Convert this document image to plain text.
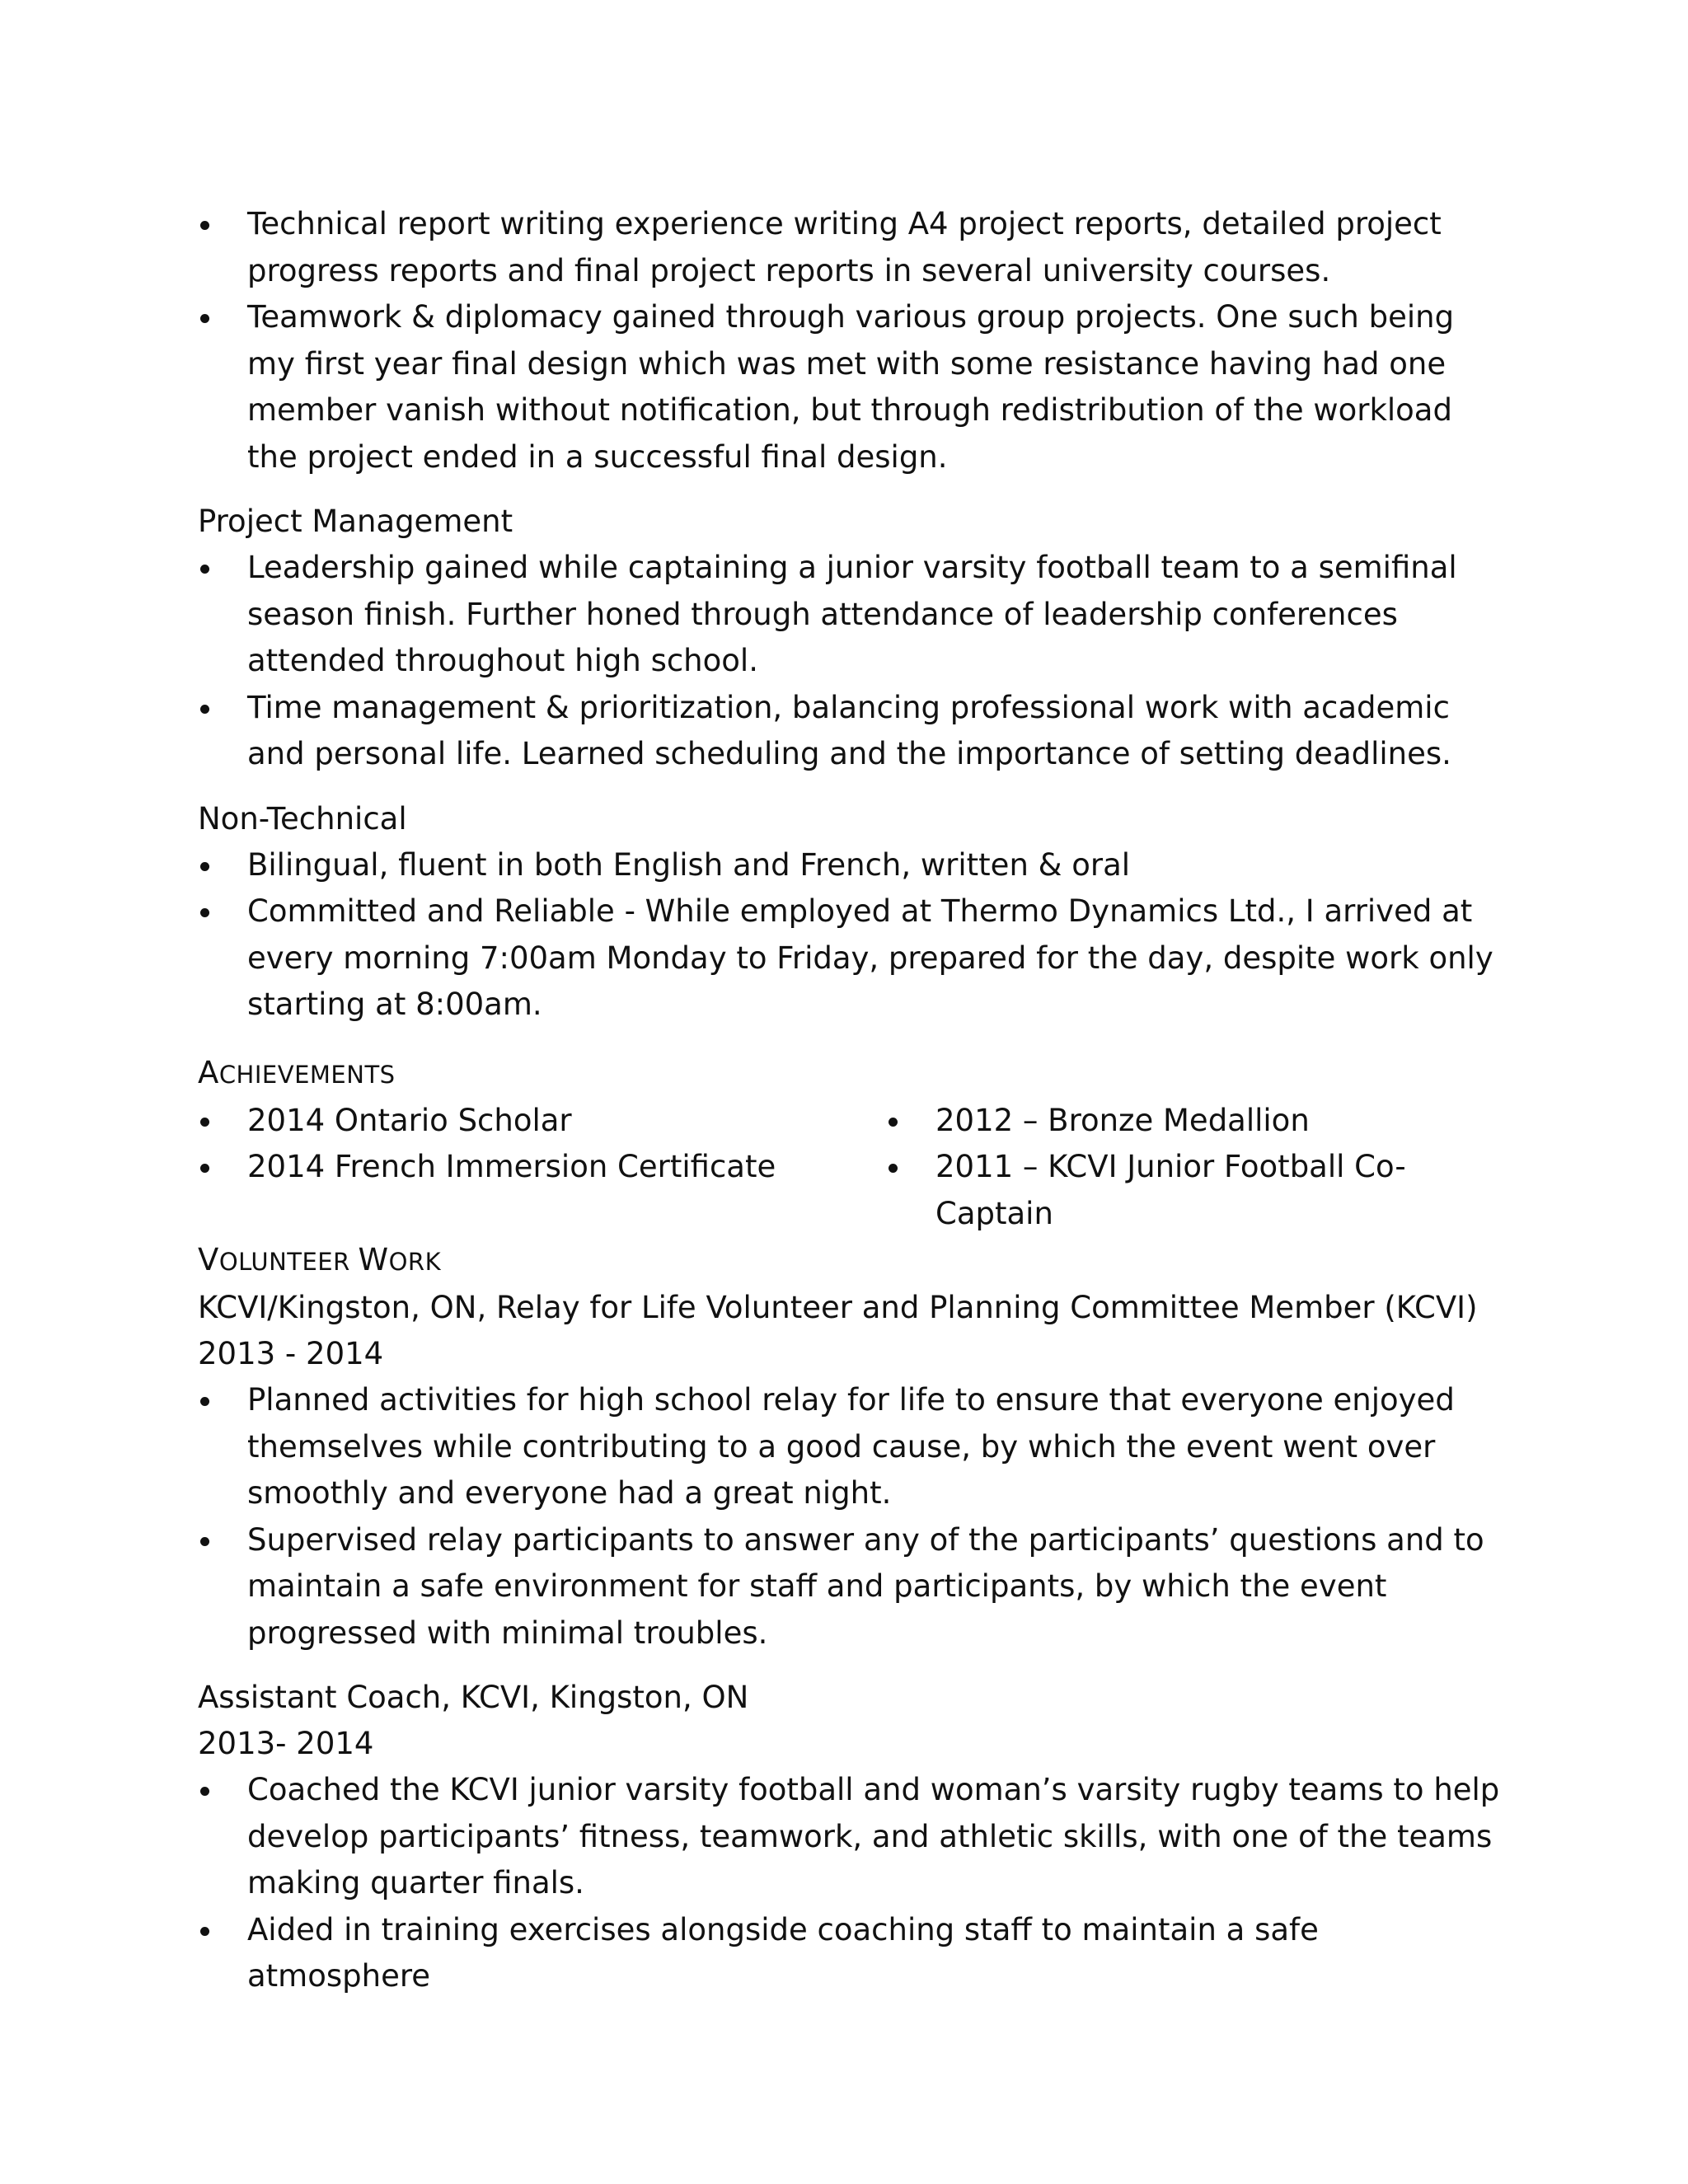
Technical report writing experience writing A4 project reports, detailed project progress reports and final project reports in several university courses.
Teamwork & diplomacy gained through various group projects. One such being my first year final design which was met with some resistance having had one member vanish without notification, but through redistribution of the workload the project ended in a successful final design.

Project Management

Leadership gained while captaining a junior varsity football team to a semifinal season finish. Further honed through attendance of leadership conferences attended throughout high school.
Time management & prioritization, balancing professional work with academic and personal life. Learned scheduling and the importance of setting deadlines.

Non-Technical

Bilingual, fluent in both English and French, written & oral
Committed and Reliable - While employed at Thermo Dynamics Ltd., I arrived at every morning 7:00am Monday to Friday, prepared for the day, despite work only starting at 8:00am.

ACHIEVEMENTS

2014 Ontario Scholar
2014 French Immersion Certificate
2012 – Bronze Medallion
2011 – KCVI Junior Football Co-Captain

VOLUNTEER WORK

KCVI/Kingston, ON, Relay for Life Volunteer and Planning Committee Member (KCVI)

2013 - 2014

Planned activities for high school relay for life to ensure that everyone enjoyed themselves while contributing to a good cause, by which the event went over smoothly and everyone had a great night.
Supervised relay participants to answer any of the participants’ questions and to maintain a safe environment for staff and participants, by which the event progressed with minimal troubles.

Assistant Coach, KCVI, Kingston, ON

2013- 2014

Coached the KCVI junior varsity football and woman’s varsity rugby teams to help develop participants’ fitness, teamwork, and athletic skills, with one of the teams making quarter finals.
Aided in training exercises alongside coaching staff to maintain a safe atmosphere
